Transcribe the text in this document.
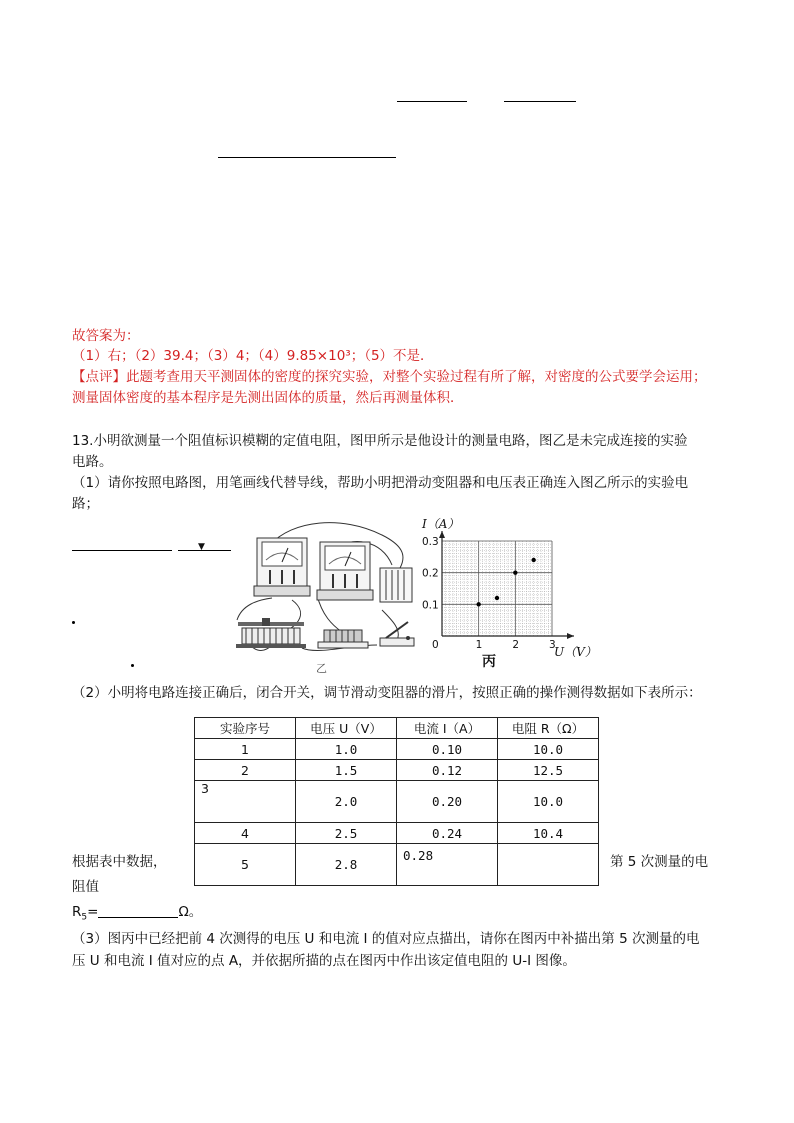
故答案为：
（1）右；（2）39.4；（3）4；（4）9.85×10³；（5）不是．
【点评】此题考查用天平测固体的密度的探究实验，对整个实验过程有所了解，对密度的公式要学会运用；
测量固体密度的基本程序是先测出固体的质量，然后再测量体积．
13.小明欲测量一个阻值标识模糊的定值电阻，图甲所示是他设计的测量电路，图乙是未完成连接的实验
电路。
（1）请你按照电路图，用笔画线代替导线，帮助小明把滑动变阻器和电压表正确连入图乙所示的实验电
路；
▼
乙
0	1	2	3
0.1
0.2
0.3
I（A）
U（V）
丙
（2）小明将电路连接正确后，闭合开关，调节滑动变阻器的滑片，按照正确的操作测得数据如下表所示：
实验序号	电压 U（V）	电流 I（A）	电阻 R（Ω）
1	1.0	0.10	10.0
2	1.5	0.12	12.5
3	2.0	0.20	10.0
4	2.5	0.24	10.4
5	2.8	0.28	
根据表中数据，	第 5 次测量的电
阻值
$R_5=$	Ω。
（3）图丙中已经把前 4 次测得的电压 U 和电流 I 的值对应点描出，请你在图丙中补描出第 5 次测量的电
压 U 和电流 I 值对应的点 A，并依据所描的点在图丙中作出该定值电阻的 U-I 图像。
